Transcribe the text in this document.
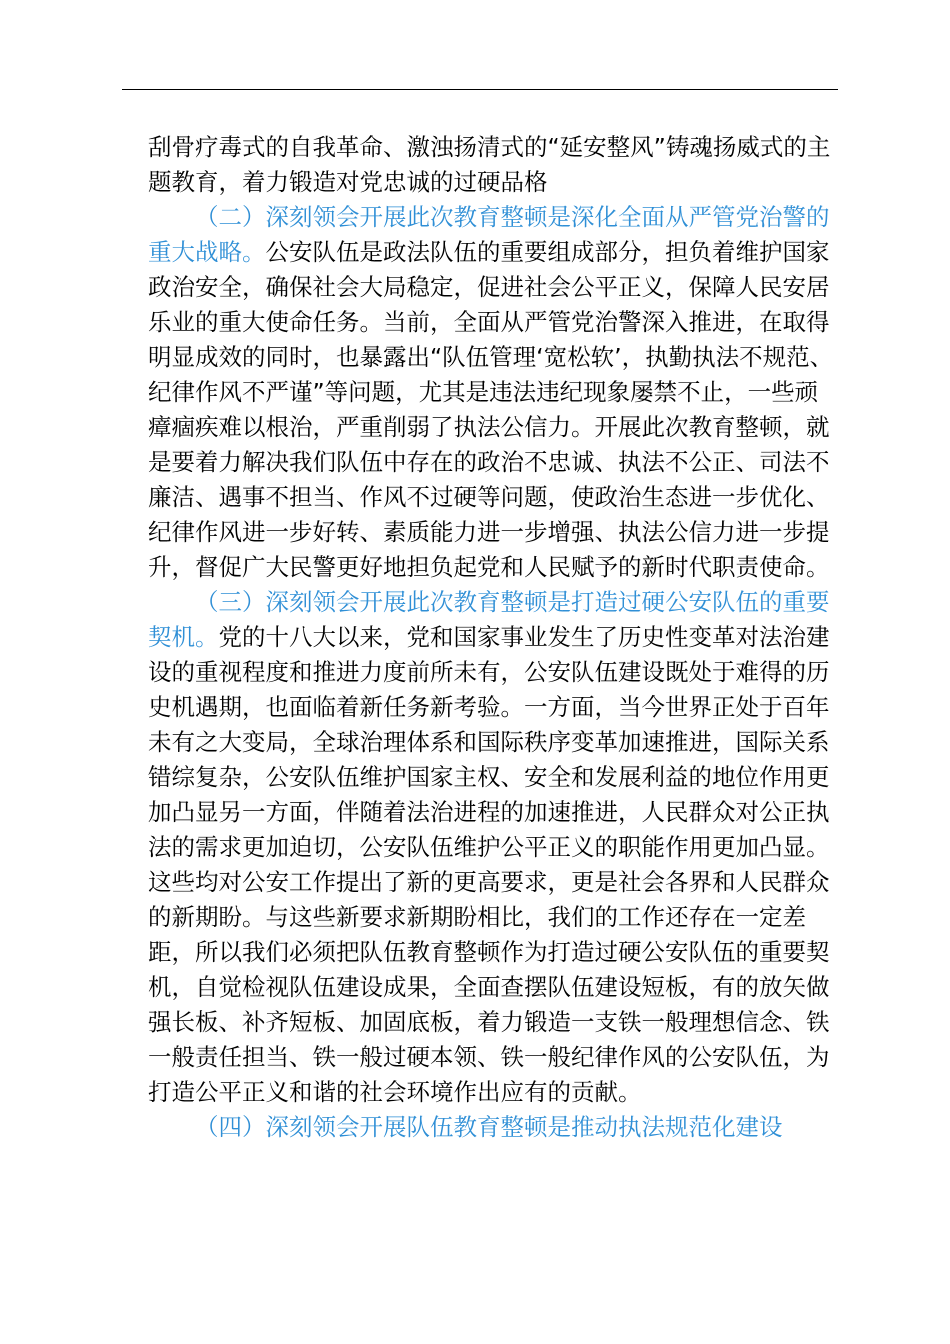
刮骨疗毒式的自我革命、激浊扬清式的“延安整风”铸魂扬威式的主题教育，着力锻造对党忠诚的过硬品格

（二）深刻领会开展此次教育整顿是深化全面从严管党治警的重大战略。公安队伍是政法队伍的重要组成部分，担负着维护国家政治安全，确保社会大局稳定，促进社会公平正义，保障人民安居乐业的重大使命任务。当前，全面从严管党治警深入推进，在取得明显成效的同时，也暴露出“队伍管理‘宽松软’，执勤执法不规范、纪律作风不严谨”等问题，尤其是违法违纪现象屡禁不止，一些顽瘴痼疾难以根治，严重削弱了执法公信力。开展此次教育整顿，就是要着力解决我们队伍中存在的政治不忠诚、执法不公正、司法不廉洁、遇事不担当、作风不过硬等问题，使政治生态进一步优化、纪律作风进一步好转、素质能力进一步增强、执法公信力进一步提升，督促广大民警更好地担负起党和人民赋予的新时代职责使命。

（三）深刻领会开展此次教育整顿是打造过硬公安队伍的重要契机。党的十八大以来，党和国家事业发生了历史性变革对法治建设的重视程度和推进力度前所未有，公安队伍建设既处于难得的历史机遇期，也面临着新任务新考验。一方面，当今世界正处于百年未有之大变局，全球治理体系和国际秩序变革加速推进，国际关系错综复杂，公安队伍维护国家主权、安全和发展利益的地位作用更加凸显另一方面，伴随着法治进程的加速推进，人民群众对公正执法的需求更加迫切，公安队伍维护公平正义的职能作用更加凸显。这些均对公安工作提出了新的更高要求，更是社会各界和人民群众的新期盼。与这些新要求新期盼相比，我们的工作还存在一定差距，所以我们必须把队伍教育整顿作为打造过硬公安队伍的重要契机，自觉检视队伍建设成果，全面查摆队伍建设短板，有的放矢做强长板、补齐短板、加固底板，着力锻造一支铁一般理想信念、铁一般责任担当、铁一般过硬本领、铁一般纪律作风的公安队伍，为打造公平正义和谐的社会环境作出应有的贡献。

（四）深刻领会开展队伍教育整顿是推动执法规范化建设
